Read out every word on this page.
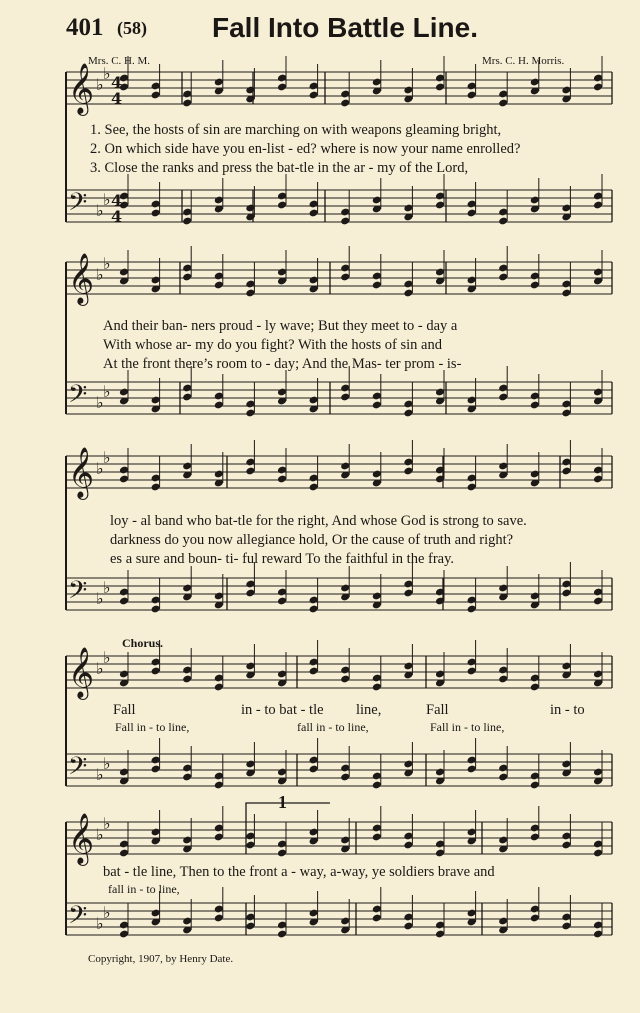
401 (58) Fall Into Battle Line.
Mrs. C. H. M.	Mrs. C. H. Morris.
𝄞 ♭
♭
𝄢 ♭
♭
𝄞 ♭
♭
𝄢 ♭
♭
𝄞 ♭
♭
𝄢 ♭
♭
𝄞 ♭
♭
𝄢 ♭
♭
𝄞 ♭
♭
𝄢 ♭
♭
4
4
4
4
1. See, the hosts of sin are marching on with weapons gleaming bright,
2. On which side have you en-list - ed? where is now your name enrolled?
3. Close the ranks and press the bat-tle in the ar - my of the Lord,
And their ban- ners proud - ly wave; But they meet to - day a
With whose ar- my do you fight? With the hosts of sin and
At the front there’s room to - day; And the Mas- ter prom - is-
loy - al band who bat-tle for the right, And whose God is strong to save.
darkness do you now allegiance hold, Or the cause of truth and right?
es a sure and boun- ti- ful reward To the faithful in the fray.
Chorus.
Fall	in - to bat - tle line,	Fall	in - to
Fall in - to line,	fall in - to line,	Fall in - to line,
bat - tle line, Then to the front a - way, a-way, ye soldiers brave and
fall in - to line,
1
Copyright, 1907, by Henry Date.
